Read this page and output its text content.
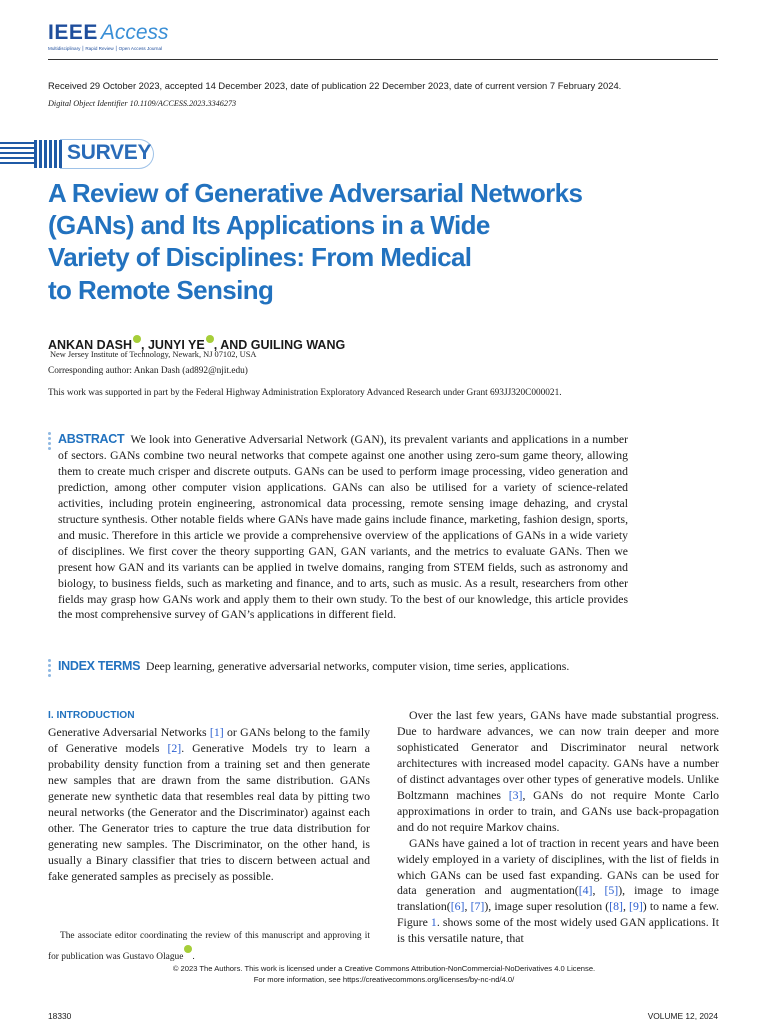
IEEE Access
Multidisciplinary ⎮ Rapid Review ⎮ Open Access Journal
Received 29 October 2023, accepted 14 December 2023, date of publication 22 December 2023, date of current version 7 February 2024.
Digital Object Identifier 10.1109/ACCESS.2023.3346273
SURVEY
A Review of Generative Adversarial Networks
(GANs) and Its Applications in a Wide
Variety of Disciplines: From Medical
to Remote Sensing
ANKAN DASH , JUNYI YE , AND GUILING WANG
New Jersey Institute of Technology, Newark, NJ 07102, USA
Corresponding author: Ankan Dash (ad892@njit.edu)
This work was supported in part by the Federal Highway Administration Exploratory Advanced Research under Grant 693JJ320C000021.
ABSTRACT We look into Generative Adversarial Network (GAN), its prevalent variants and applications in a number of sectors. GANs combine two neural networks that compete against one another using zero-sum game theory, allowing them to create much crisper and discrete outputs. GANs can be used to perform image processing, video generation and prediction, among other computer vision applications. GANs can also be utilised for a variety of science-related activities, including protein engineering, astronomical data processing, remote sensing image dehazing, and crystal structure synthesis. Other notable fields where GANs have made gains include finance, marketing, fashion design, sports, and music. Therefore in this article we provide a comprehensive overview of the applications of GANs in a wide variety of disciplines. We first cover the theory supporting GAN, GAN variants, and the metrics to evaluate GANs. Then we present how GAN and its variants can be applied in twelve domains, ranging from STEM fields, such as astronomy and biology, to business fields, such as marketing and finance, and to arts, such as music. As a result, researchers from other fields may grasp how GANs work and apply them to their own study. To the best of our knowledge, this article provides the most comprehensive survey of GAN’s applications in different field.
INDEX TERMS Deep learning, generative adversarial networks, computer vision, time series, applications.
I. INTRODUCTION

Generative Adversarial Networks [1] or GANs belong to the family of Generative models [2]. Generative Models try to learn a probability density function from a training set and then generate new samples that are drawn from the same distribution. GANs generate new synthetic data that resembles real data by pitting two neural networks (the Generator and the Discriminator) against each other. The Generator tries to capture the true data distribution for generating new samples. The Discriminator, on the other hand, is usually a Binary classifier that tries to discern between actual and fake generated samples as precisely as possible.

Over the last few years, GANs have made substantial progress. Due to hardware advances, we can now train deeper and more sophisticated Generator and Discriminator neural network architectures with increased model capacity. GANs have a number of distinct advantages over other types of generative models. Unlike Boltzmann machines [3], GANs do not require Monte Carlo approximations in order to train, and GANs use back-propagation and do not require Markov chains.

GANs have gained a lot of traction in recent years and have been widely employed in a variety of disciplines, with the list of fields in which GANs can be used fast expanding. GANs can be used for data generation and augmentation([4], [5]), image to image translation([6], [7]), image super resolution ([8], [9]) to name a few. Figure 1. shows some of the most widely used GAN applications. It is this versatile nature, that

The associate editor coordinating the review of this manuscript and approving it for publication was Gustavo Olague .
© 2023 The Authors. This work is licensed under a Creative Commons Attribution-NonCommercial-NoDerivatives 4.0 License.
For more information, see https://creativecommons.org/licenses/by-nc-nd/4.0/
18330	VOLUME 12, 2024
